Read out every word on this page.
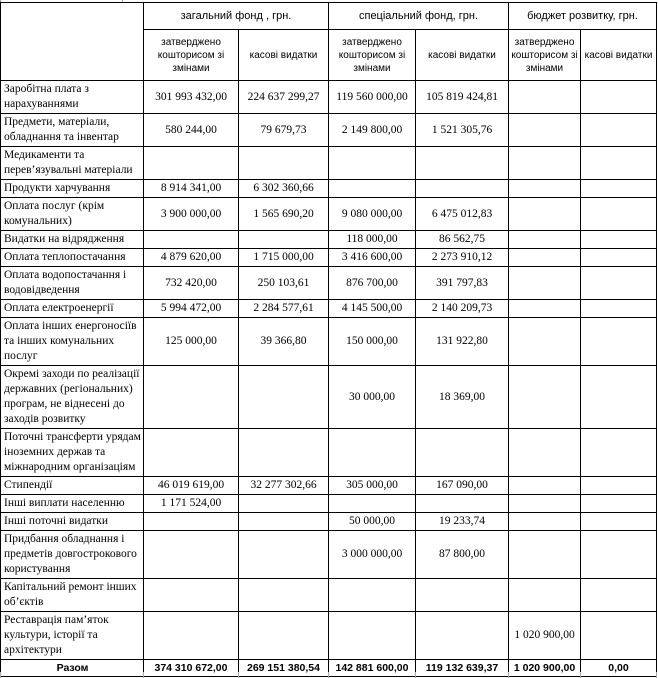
	загальний фонд , грн.		спеціальний фонд, грн.		бюджет розвитку, грн.	
	затверджено кошторисом зі змінами	касові видатки	затверджено кошторисом зі змінами	касові видатки	затверджено кошторисом зі змінами	касові видатки
Заробітна плата з нарахуваннями	301 993 432,00	224 637 299,27	119 560 000,00	105 819 424,81		
Предмети, матеріали, обладнання та інвентар	580 244,00	79 679,73	2 149 800,00	1 521 305,76		
Медикаменти та перев’язувальні матеріали						
Продукти харчування	8 914 341,00	6 302 360,66				
Оплата послуг (крім комунальних)	3 900 000,00	1 565 690,20	9 080 000,00	6 475 012,83		
Видатки на відрядження			118 000,00	86 562,75		
Оплата теплопостачання	4 879 620,00	1 715 000,00	3 416 600,00	2 273 910,12		
Оплата водопостачання і водовідведення	732 420,00	250 103,61	876 700,00	391 797,83		
Оплата електроенергії	5 994 472,00	2 284 577,61	4 145 500,00	2 140 209,73		
Оплата інших енергоносіїв та інших комунальних послуг	125 000,00	39 366,80	150 000,00	131 922,80		
Окремі заходи по реалізації державних (регіональних) програм, не віднесені до заходів розвитку			30 000,00	18 369,00		
Поточні трансферти урядам іноземних держав та міжнародним організаціям						
Стипендії	46 019 619,00	32 277 302,66	305 000,00	167 090,00		
Інші виплати населенню	1 171 524,00					
Інші поточні видатки			50 000,00	19 233,74		
Придбання обладнання і предметів довгострокового користування			3 000 000,00	87 800,00		
Капітальний ремонт інших об’єктів						
Реставрація пам’яток культури, історії та архітектури					1 020 900,00	
Разом	374 310 672,00	269 151 380,54	142 881 600,00	119 132 639,37	1 020 900,00	0,00
